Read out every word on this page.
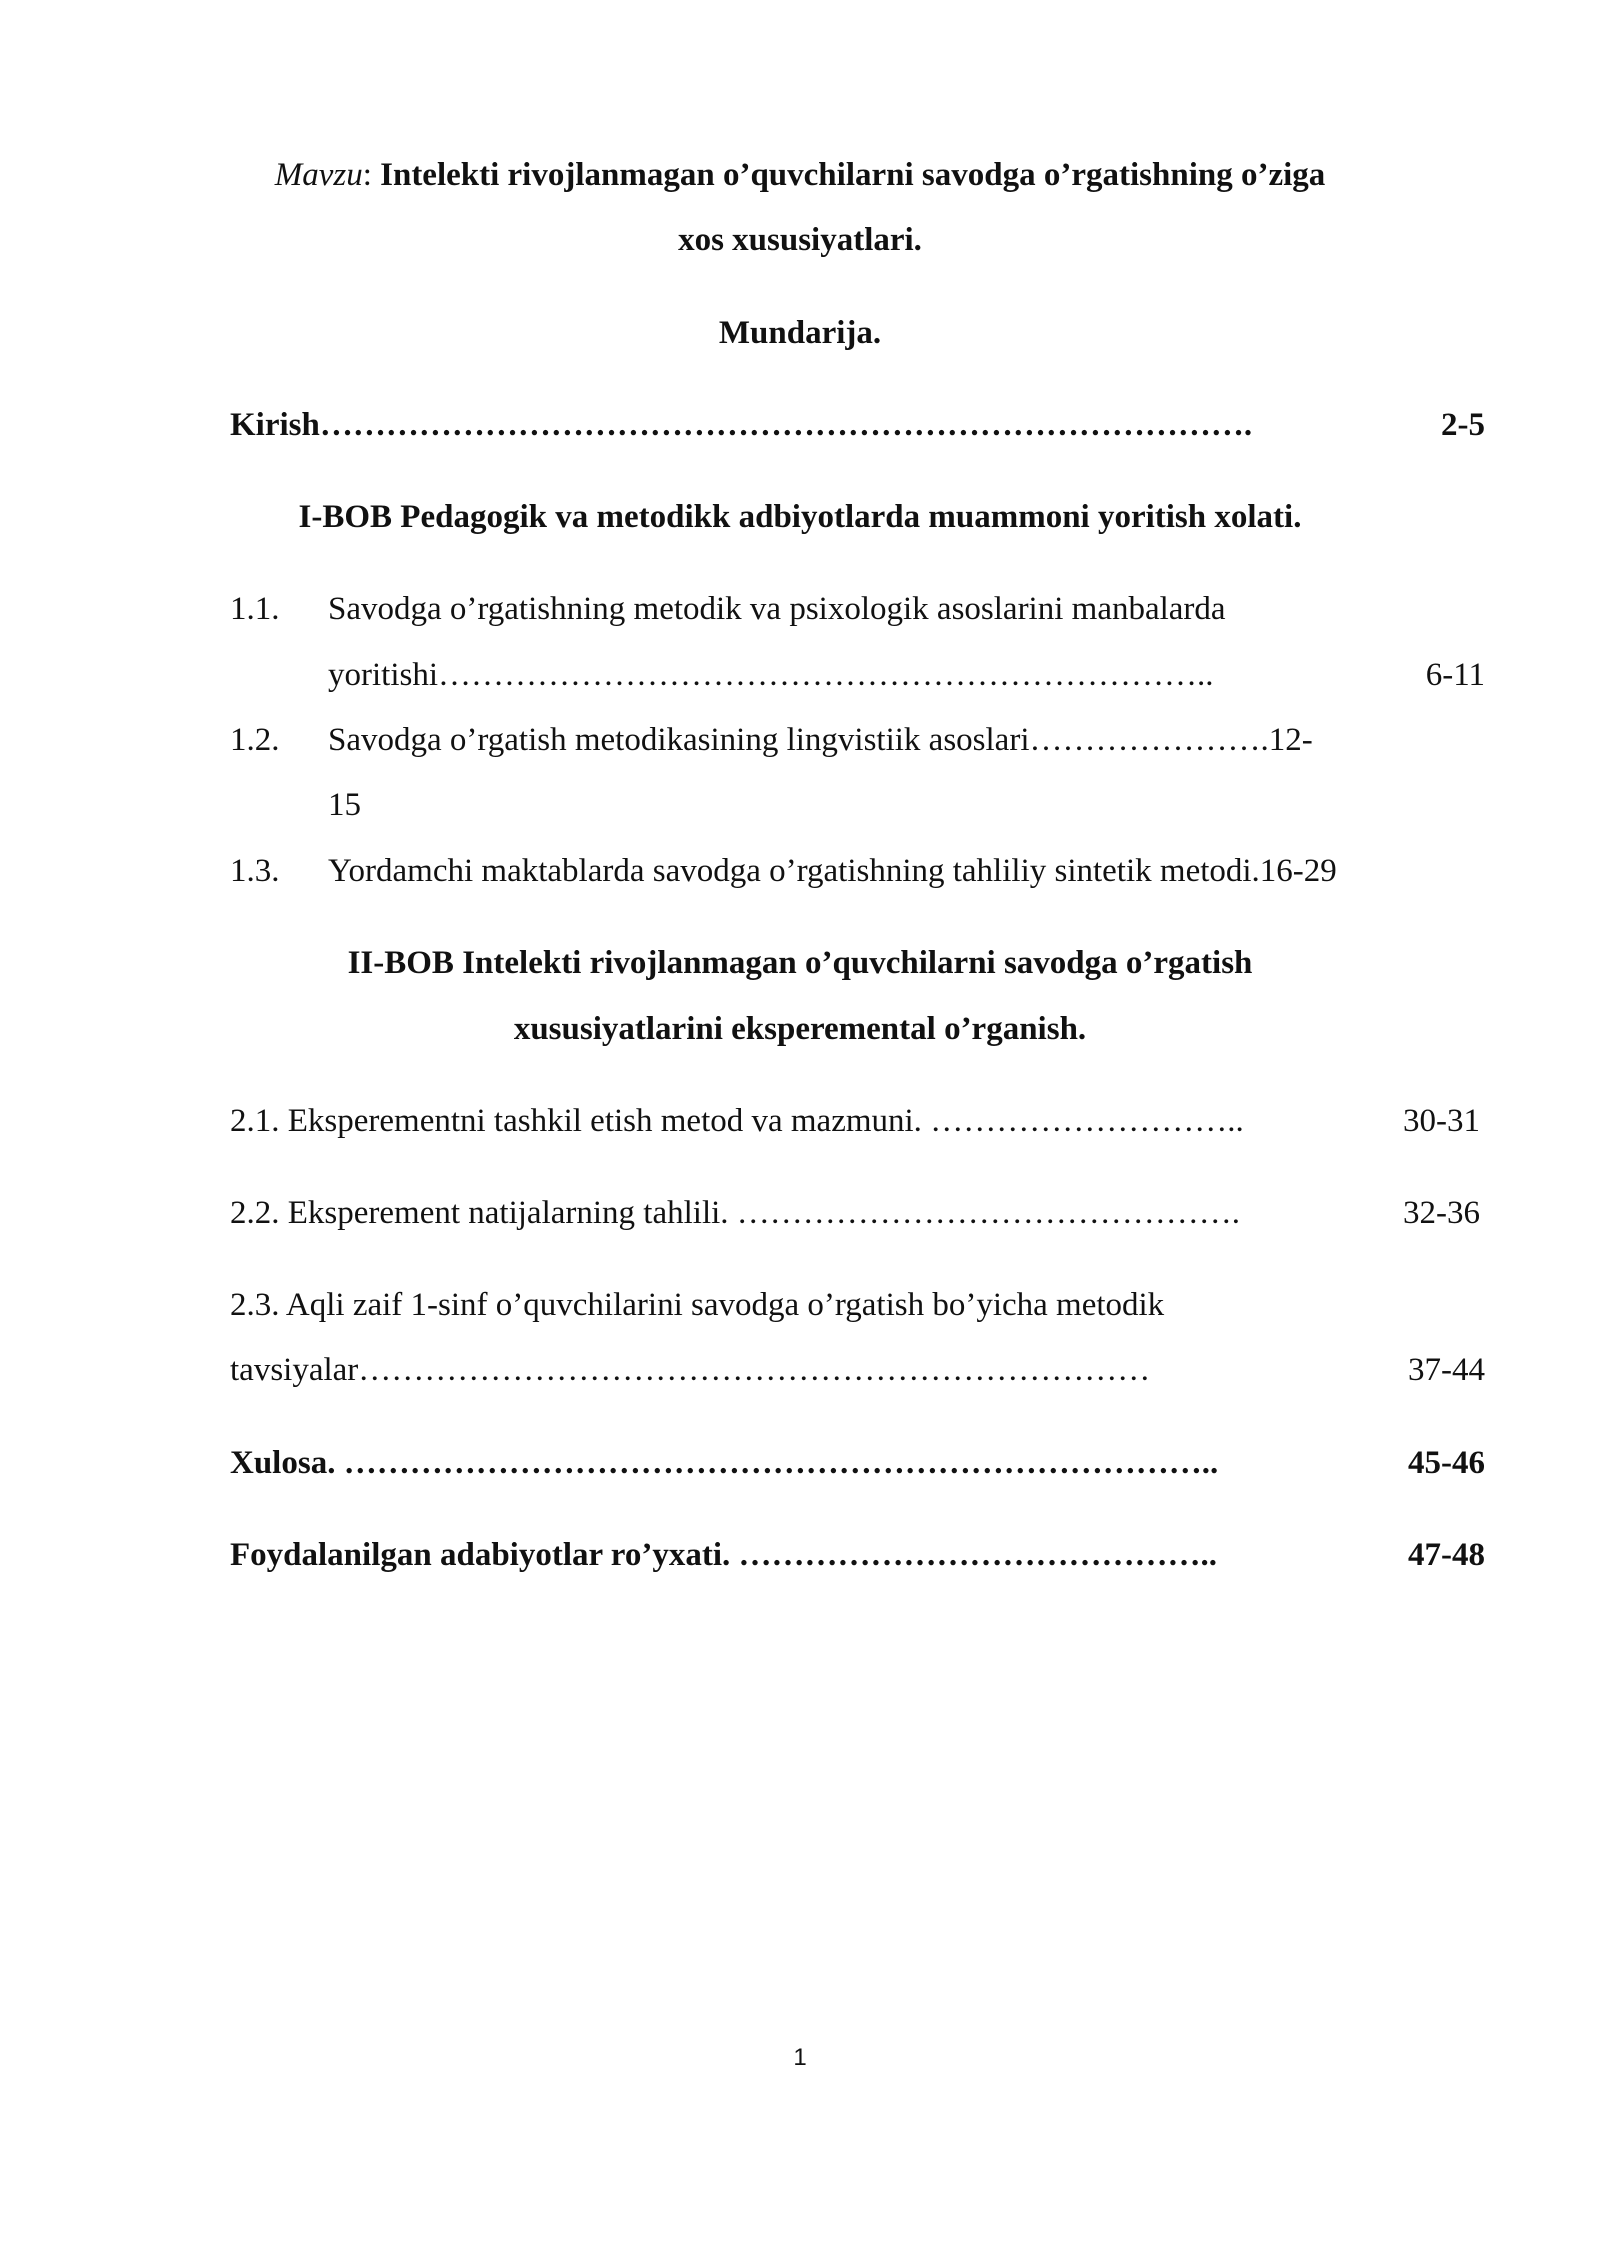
Mavzu: Intelekti rivojlanmagan o’quvchilarni savodga o’rgatishning o’ziga
xos xususiyatlari.
Mundarija.
Kirish ………………………………………………………………………….	2-5
I-BOB Pedagogik va metodikk adbiyotlarda muammoni yoritish xolati.
1.1. Savodga o’rgatishning metodik va psixologik asoslarini manbalarda
yoritishi ……………………………………………………………..	6-11
1.2. Savodga o’rgatish metodikasining lingvistiik asoslari………………….12-
15
1.3. Yordamchi maktablarda savodga o’rgatishning tahliliy sintetik metodi.16-29
II-BOB Intelekti rivojlanmagan o’quvchilarni savodga o’rgatish
xususiyatlarini eksperemental o’rganish.
2.1. Eksperementni tashkil etish metod va mazmuni. ………………………..	30-31
2.2. Eksperement natijalarning tahlili. ……………………………………….	32-36
2.3. Aqli zaif 1-sinf o’quvchilarini savodga o’rgatish bo’yicha metodik
tavsiyalar ………………………………………………………………	37-44
Xulosa. ……………………………………………………………………..	45-46
Foydalanilgan adabiyotlar ro’yxati. ……………………………………..	47-48
1
